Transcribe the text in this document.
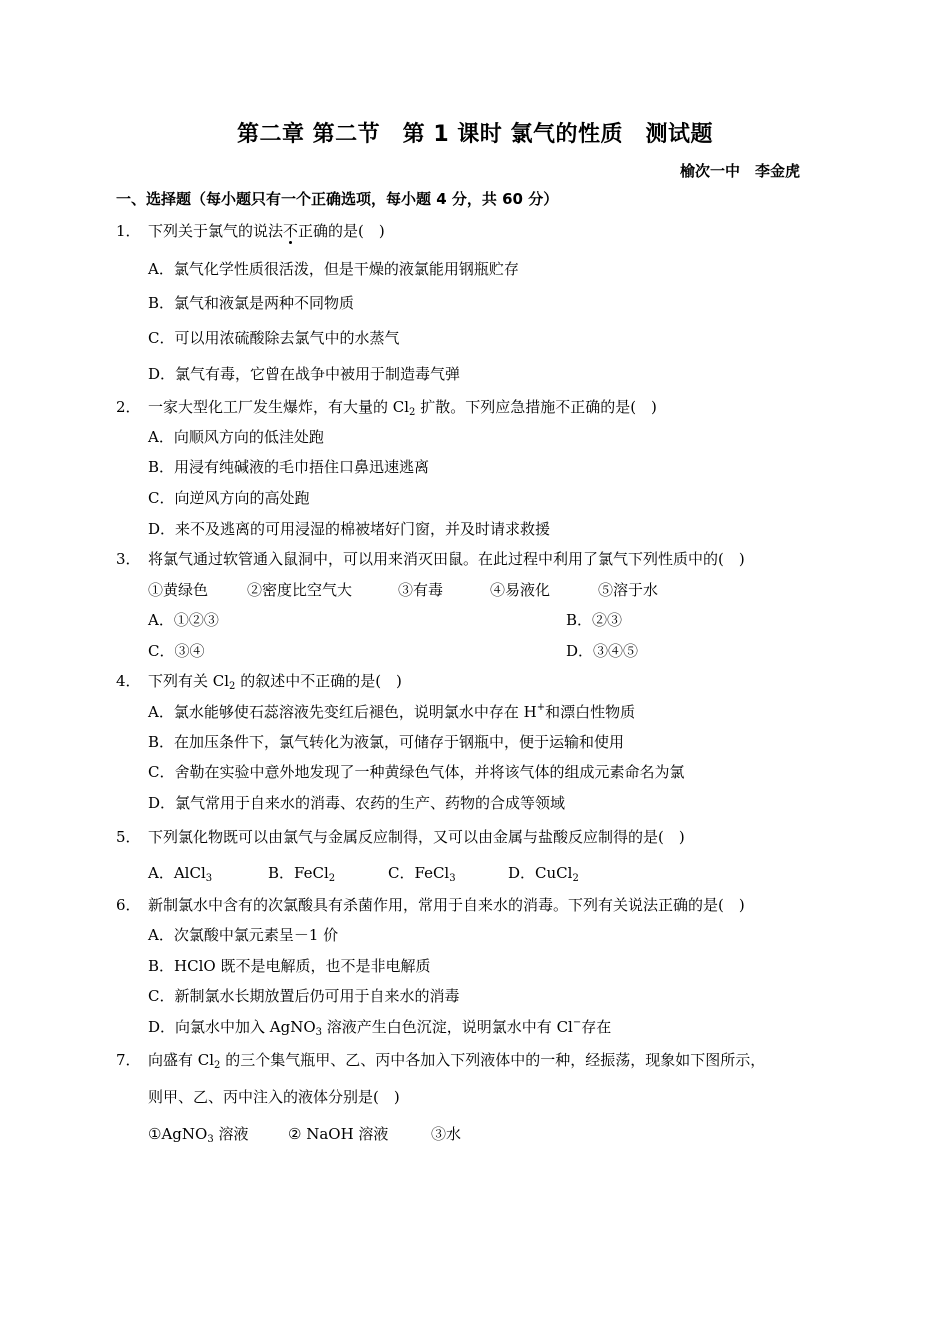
第二章 第二节　第 1 课时 氯气的性质　测试题
榆次一中　李金虎
一、选择题（每小题只有一个正确选项，每小题 4 分，共 60 分）
1． 下列关于氯气的说法不正确的是(　)
A．氯气化学性质很活泼，但是干燥的液氯能用钢瓶贮存
B．氯气和液氯是两种不同物质
C．可以用浓硫酸除去氯气中的水蒸气
D．氯气有毒，它曾在战争中被用于制造毒气弹
2． 一家大型化工厂发生爆炸，有大量的 $Cl_2$ 扩散。下列应急措施不正确的是(　)
A．向顺风方向的低洼处跑
B．用浸有纯碱液的毛巾捂住口鼻迅速逃离
C．向逆风方向的高处跑
D．来不及逃离的可用浸湿的棉被堵好门窗，并及时请求救援
3． 将氯气通过软管通入鼠洞中，可以用来消灭田鼠。在此过程中利用了氯气下列性质中的(　)
①黄绿色	②密度比空气大	③有毒	④易液化	⑤溶于水
A．①②③	B．②③
C．③④	D．③④⑤
4． 下列有关 $Cl_2$ 的叙述中不正确的是(　)
A．氯水能够使石蕊溶液先变红后褪色，说明氯水中存在 H+和漂白性物质
B．在加压条件下，氯气转化为液氯，可储存于钢瓶中，便于运输和使用
C．舍勒在实验中意外地发现了一种黄绿色气体，并将该气体的组成元素命名为氯
D．氯气常用于自来水的消毒、农药的生产、药物的合成等领域
5． 下列氯化物既可以由氯气与金属反应制得，又可以由金属与盐酸反应制得的是(　)
A．AlCl$_3$	B．FeCl$_2$	C．FeCl$_3$	D．CuCl$_2$
6． 新制氯水中含有的次氯酸具有杀菌作用，常用于自来水的消毒。下列有关说法正确的是(　)
A．次氯酸中氯元素呈－1 价
B．HClO 既不是电解质，也不是非电解质
C．新制氯水长期放置后仍可用于自来水的消毒
D．向氯水中加入 AgNO$_3$ 溶液产生白色沉淀，说明氯水中有 Cl−存在
7． 向盛有 $Cl_2$ 的三个集气瓶甲、乙、丙中各加入下列液体中的一种，经振荡，现象如下图所示，
则甲、乙、丙中注入的液体分别是(　)
①AgNO$_3$ 溶液	② NaOH 溶液	③水
